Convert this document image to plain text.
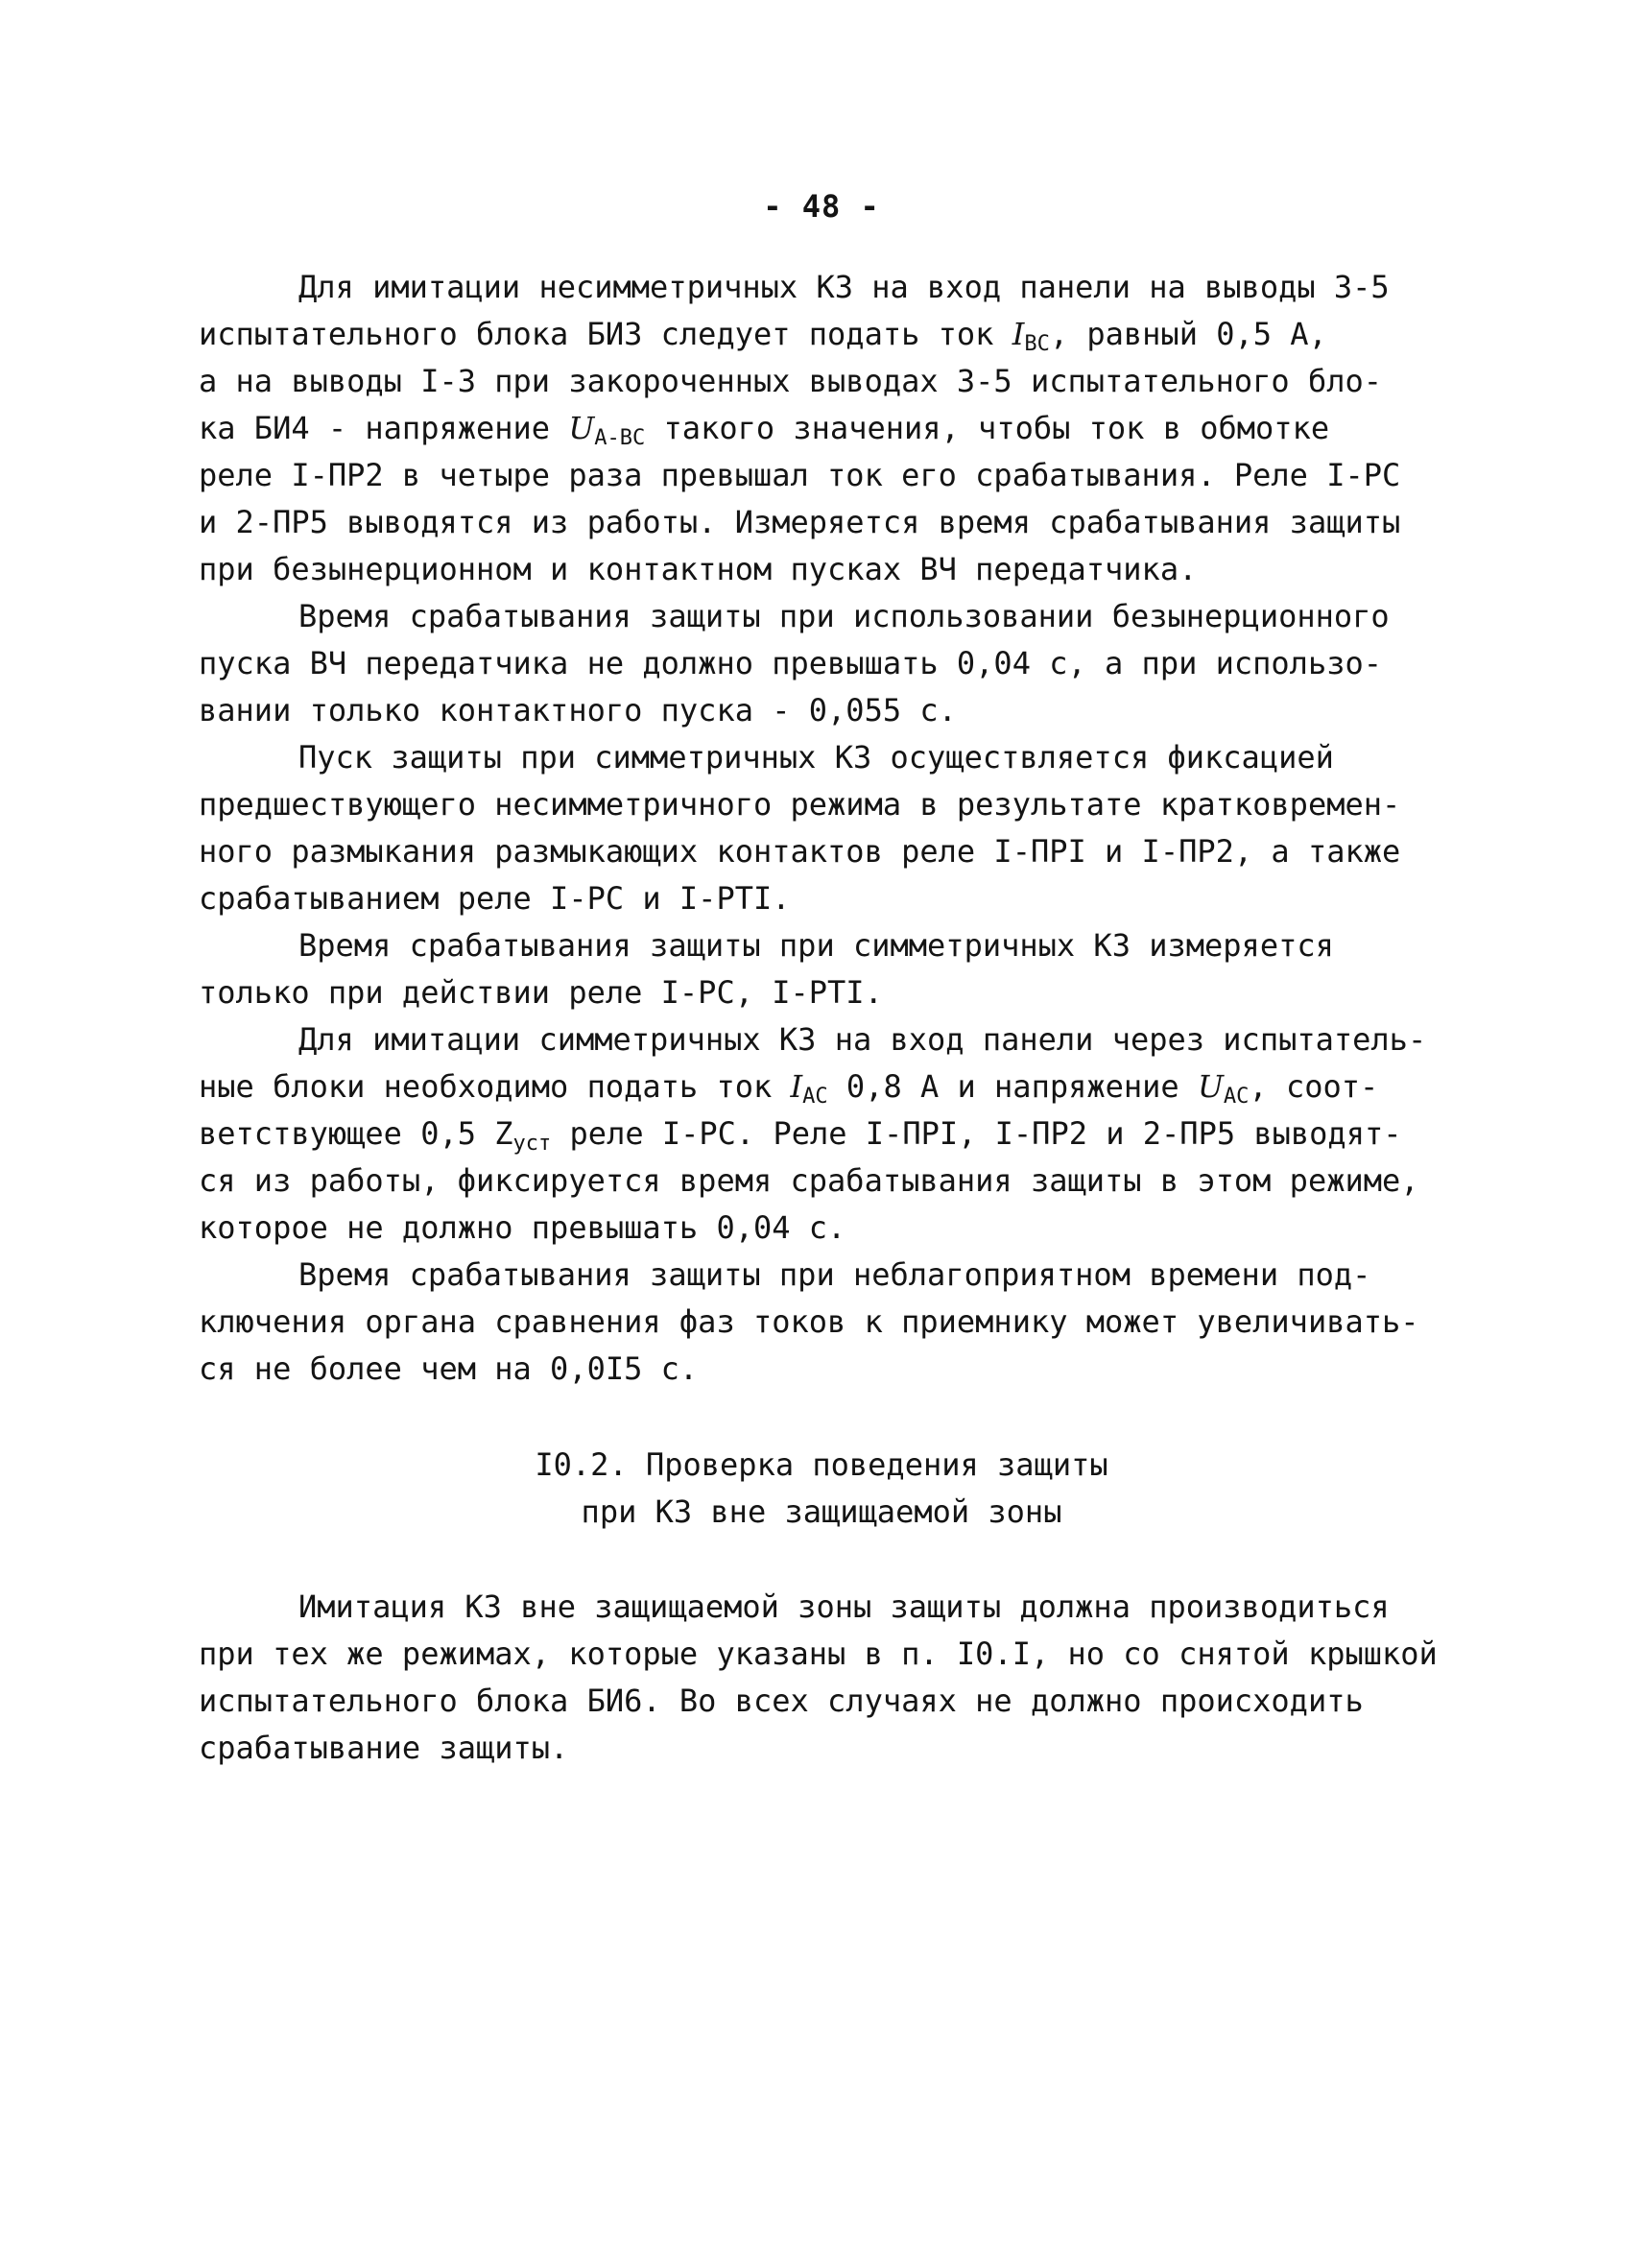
- 48 -
Для имитации несимметричных КЗ на вход панели на выводы 3-5
испытательного блока БИ3 следует подать ток $I_{ВС}$, равный 0,5 А,
а на выводы I-3 при закороченных выводах 3-5 испытательного бло-
ка БИ4 - напряжение $U_{А-ВС}$ такого значения, чтобы ток в обмотке
реле I-ПР2 в четыре раза превышал ток его срабатывания. Реле I-РС
и 2-ПР5 выводятся из работы. Измеряется время срабатывания защиты
при безынерционном и контактном пусках ВЧ передатчика.
Время срабатывания защиты при использовании безынерционного
пуска ВЧ передатчика не должно превышать 0,04 с, а при использо-
вании только контактного пуска - 0,055 с.
Пуск защиты при симметричных КЗ осуществляется фиксацией
предшествующего несимметричного режима в результате кратковремен-
ного размыкания размыкающих контактов реле I-ПРI и I-ПР2, а также
срабатыванием реле I-РС и I-РТI.
Время срабатывания защиты при симметричных КЗ измеряется
только при действии реле I-РС, I-РТI.
Для имитации симметричных КЗ на вход панели через испытатель-
ные блоки необходимо подать ток $I_{АС}$ 0,8 А и напряжение $U_{АС}$, соот-
ветствующее 0,5 $Z_{уст}$ реле I-РС. Реле I-ПРI, I-ПР2 и 2-ПР5 выводят-
ся из работы, фиксируется время срабатывания защиты в этом режиме,
которое не должно превышать 0,04 с.
Время срабатывания защиты при неблагоприятном времени под-
ключения органа сравнения фаз токов к приемнику может увеличивать-
ся не более чем на 0,0I5 с.
I0.2. Проверка поведения защиты
при КЗ вне защищаемой зоны
Имитация КЗ вне защищаемой зоны защиты должна производиться
при тех же режимах, которые указаны в п. I0.I, но со снятой крышкой
испытательного блока БИ6. Во всех случаях не должно происходить
срабатывание защиты.
